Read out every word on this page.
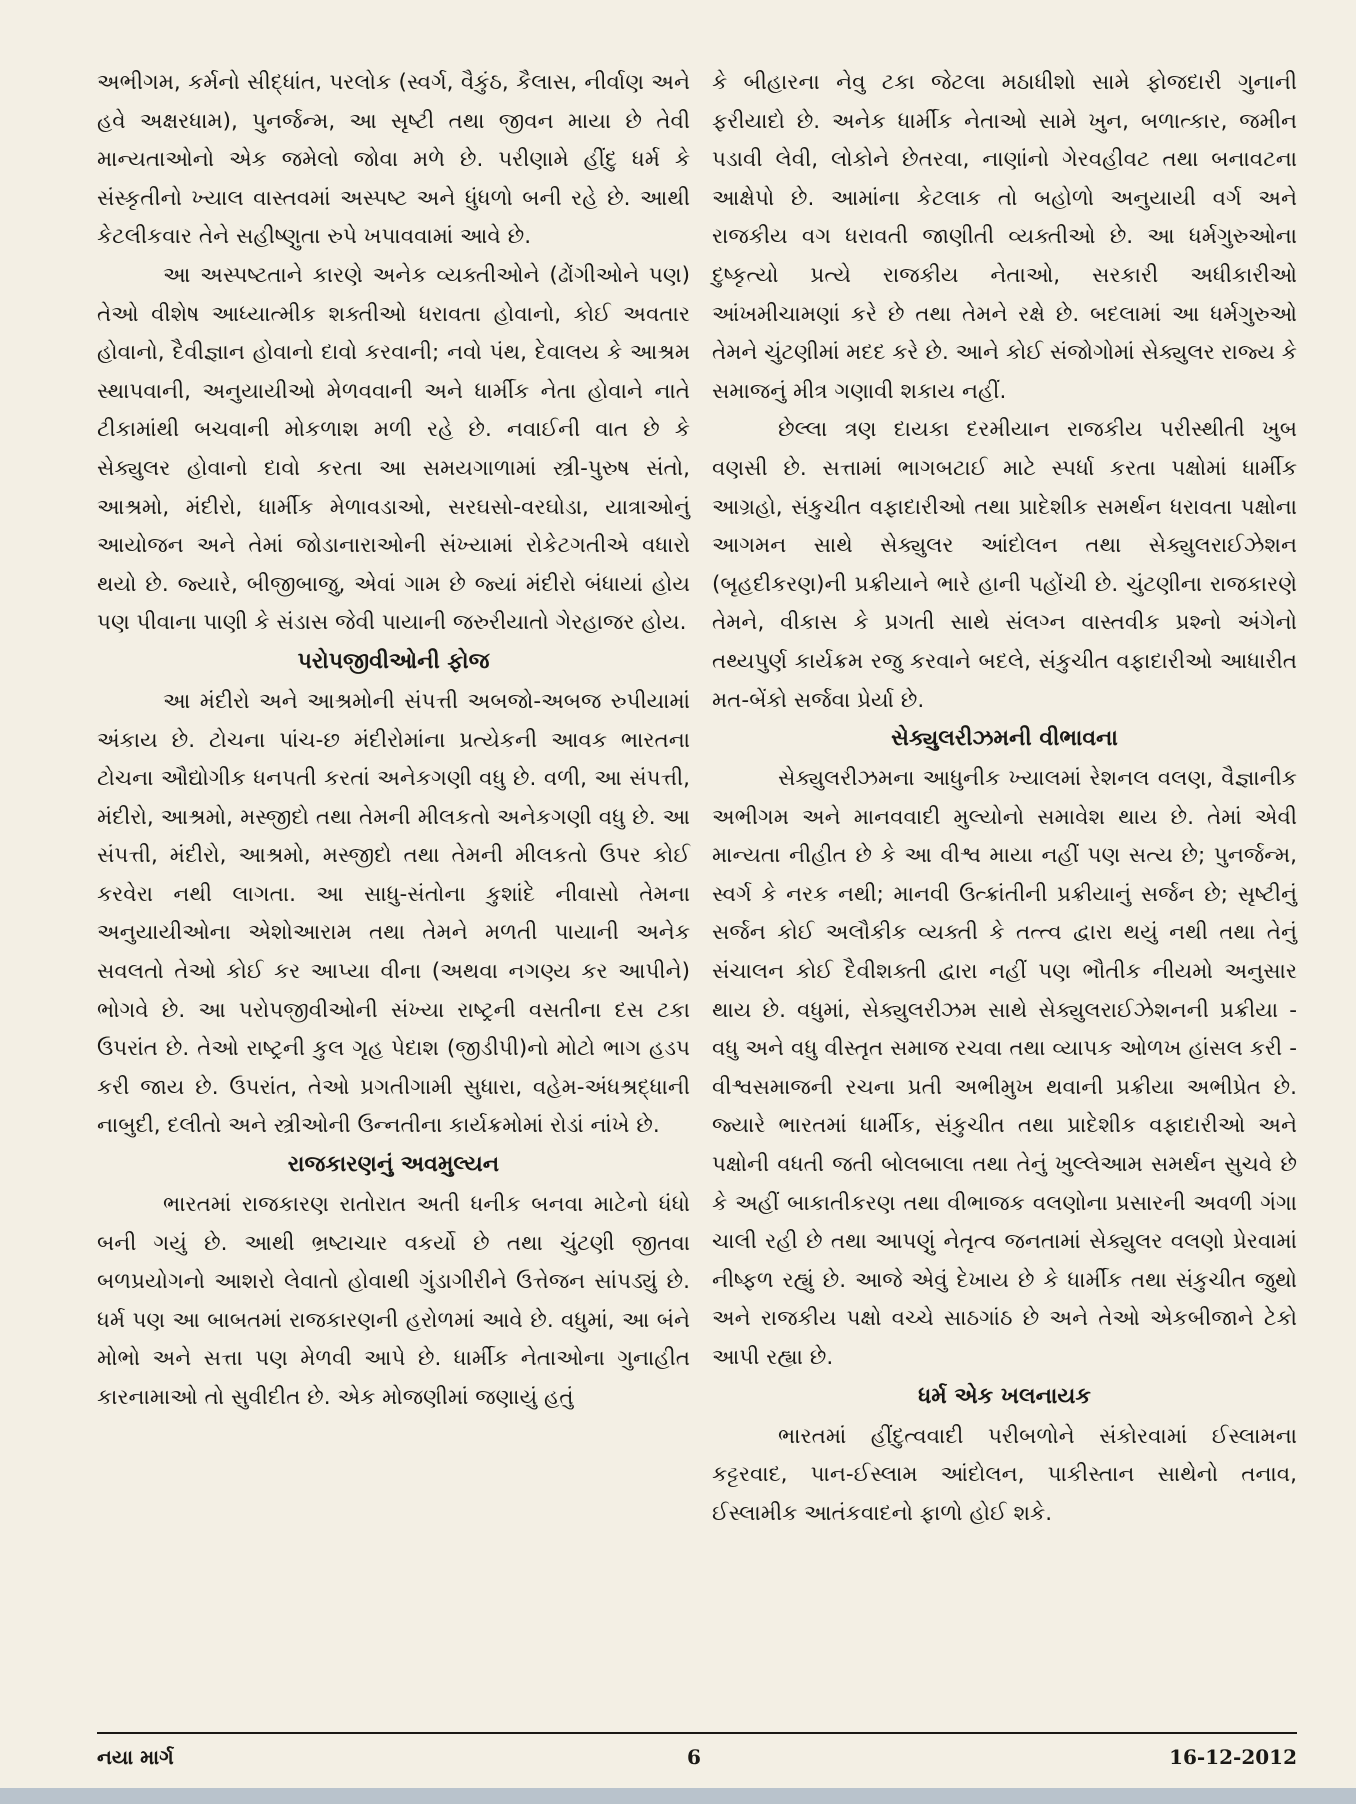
અભીગમ, કર્મનો સીદ્ધાંત, પરલોક (સ્વર્ગ, વૈકુંઠ, કૈલાસ, નીર્વાણ અને હવે અક્ષરધામ), પુનર્જન્મ, આ સૃષ્ટી તથા જીવન માયા છે તેવી માન્યતાઓનો એક જમેલો જોવા મળે છે. પરીણામે હીંદુ ધર્મ કે સંસ્કૃતીનો ખ્યાલ વાસ્તવમાં અસ્પષ્ટ અને ધુંધળો બની રહે છે. આથી કેટલીકવાર તેને સહીષ્ણુતા રુપે ખપાવવામાં આવે છે.

આ અસ્પષ્ટતાને કારણે અનેક વ્યક્તીઓને (ઢોંગીઓને પણ) તેઓ વીશેષ આધ્યાત્મીક શક્તીઓ ધરાવતા હોવાનો, કોઈ અવતાર હોવાનો, દૈવીજ્ઞાન હોવાનો દાવો કરવાની; નવો પંથ, દેવાલય કે આશ્રમ સ્થાપવાની, અનુયાયીઓ મેળવવાની અને ધાર્મીક નેતા હોવાને નાતે ટીકામાંથી બચવાની મોકળાશ મળી રહે છે. નવાઈની વાત છે કે સેક્યુલર હોવાનો દાવો કરતા આ સમયગાળામાં સ્ત્રી-પુરુષ સંતો, આશ્રમો, મંદીરો, ધાર્મીક મેળાવડાઓ, સરઘસો-વરઘોડા, યાત્રાઓનું આયોજન અને તેમાં જોડાનારાઓની સંખ્યામાં રોકેટગતીએ વધારો થયો છે. જ્યારે, બીજીબાજુ, એવાં ગામ છે જ્યાં મંદીરો બંધાયાં હોય પણ પીવાના પાણી કે સંડાસ જેવી પાયાની જરુરીયાતો ગેરહાજર હોય.

પરોપજીવીઓની ફોજ

આ મંદીરો અને આશ્રમોની સંપત્તી અબજો-અબજ રુપીયામાં અંકાય છે. ટોચના પાંચ-છ મંદીરોમાંના પ્રત્યેકની આવક ભારતના ટોચના ઔદ્યોગીક ધનપતી કરતાં અનેકગણી વધુ છે. વળી, આ સંપત્તી, મંદીરો, આશ્રમો, મસ્જીદો તથા તેમની મીલકતો અનેકગણી વધુ છે. આ સંપત્તી, મંદીરો, આશ્રમો, મસ્જીદો તથા તેમની મીલકતો ઉપર કોઈ કરવેરા નથી લાગતા. આ સાધુ-સંતોના કુશાંદે નીવાસો તેમના અનુયાયીઓના એશોઆરામ તથા તેમને મળતી પાયાની અનેક સવલતો તેઓ કોઈ કર આપ્યા વીના (અથવા નગણ્ય કર આપીને) ભોગવે છે. આ પરોપજીવીઓની સંખ્યા રાષ્ટ્રની વસતીના દસ ટકા ઉપરાંત છે. તેઓ રાષ્ટ્રની કુલ ગૃહ પેદાશ (જીડીપી)નો મોટો ભાગ હડપ કરી જાય છે. ઉપરાંત, તેઓ પ્રગતીગામી સુધારા, વહેમ-અંધશ્રદ્ધાની નાબુદી, દલીતો અને સ્ત્રીઓની ઉન્નતીના કાર્યક્રમોમાં રોડાં નાંખે છે.

રાજકારણનું અવમુલ્યન

ભારતમાં રાજકારણ રાતોરાત અતી ધનીક બનવા માટેનો ધંધો બની ગયું છે. આથી ભ્રષ્ટાચાર વકર્યો છે તથા ચુંટણી જીતવા બળપ્રયોગનો આશરો લેવાતો હોવાથી ગુંડાગીરીને ઉત્તેજન સાંપડ્યું છે. ધર્મ પણ આ બાબતમાં રાજકારણની હરોળમાં આવે છે. વધુમાં, આ બંને મોભો અને સત્તા પણ મેળવી આપે છે. ધાર્મીક નેતાઓના ગુનાહીત કારનામાઓ તો સુવીદીત છે. એક મોજણીમાં જણાયું હતું

કે બીહારના નેવુ ટકા જેટલા મઠાધીશો સામે ફોજદારી ગુનાની ફરીયાદો છે. અનેક ધાર્મીક નેતાઓ સામે ખુન, બળાત્કાર, જમીન પડાવી લેવી, લોકોને છેતરવા, નાણાંનો ગેરવહીવટ તથા બનાવટના આક્ષેપો છે. આમાંના કેટલાક તો બહોળો અનુયાયી વર્ગ અને રાજકીય વગ ધરાવતી જાણીતી વ્યક્તીઓ છે. આ ધર્મગુરુઓના દુષ્કૃત્યો પ્રત્યે રાજકીય નેતાઓ, સરકારી અધીકારીઓ આંખમીચામણાં કરે છે તથા તેમને રક્ષે છે. બદલામાં આ ધર્મગુરુઓ તેમને ચુંટણીમાં મદદ કરે છે. આને કોઈ સંજોગોમાં સેક્યુલર રાજ્ય કે સમાજનું મીત્ર ગણાવી શકાય નહીં.

છેલ્લા ત્રણ દાયકા દરમીયાન રાજકીય પરીસ્થીતી ખુબ વણસી છે. સત્તામાં ભાગબટાઈ માટે સ્પર્ધા કરતા પક્ષોમાં ધાર્મીક આગ્રહો, સંકુચીત વફાદારીઓ તથા પ્રાદેશીક સમર્થન ધરાવતા પક્ષોના આગમન સાથે સેક્યુલર આંદોલન તથા સેક્યુલરાઈઝેશન (બૃહદીકરણ)ની પ્રક્રીયાને ભારે હાની પહોંચી છે. ચુંટણીના રાજકારણે તેમને, વીકાસ કે પ્રગતી સાથે સંલગ્ન વાસ્તવીક પ્રશ્નો અંગેનો તથ્યપુર્ણ કાર્યક્રમ રજુ કરવાને બદલે, સંકુચીત વફાદારીઓ આધારીત મત-બેંકો સર્જવા પ્રેર્યા છે.

સેક્યુલરીઝમની વીભાવના

સેક્યુલરીઝમના આધુનીક ખ્યાલમાં રેશનલ વલણ, વૈજ્ઞાનીક અભીગમ અને માનવવાદી મુલ્યોનો સમાવેશ થાય છે. તેમાં એવી માન્યતા નીહીત છે કે આ વીશ્વ માયા નહીં પણ સત્ય છે; પુનર્જન્મ, સ્વર્ગ કે નરક નથી; માનવી ઉત્ક્રાંતીની પ્રક્રીયાનું સર્જન છે; સૃષ્ટીનું સર્જન કોઈ અલૌકીક વ્યક્તી કે તત્ત્વ દ્વારા થયું નથી તથા તેનું સંચાલન કોઈ દૈવીશક્તી દ્વારા નહીં પણ ભૌતીક નીયમો અનુસાર થાય છે. વધુમાં, સેક્યુલરીઝમ સાથે સેક્યુલરાઈઝેશનની પ્રક્રીયા - વધુ અને વધુ વીસ્તૃત સમાજ રચવા તથા વ્યાપક ઓળખ હાંસલ કરી - વીશ્વસમાજની રચના પ્રતી અભીમુખ થવાની પ્રક્રીયા અભીપ્રેત છે. જ્યારે ભારતમાં ધાર્મીક, સંકુચીત તથા પ્રાદેશીક વફાદારીઓ અને પક્ષોની વધતી જતી બોલબાલા તથા તેનું ખુલ્લેઆમ સમર્થન સુચવે છે કે અહીં બાકાતીકરણ તથા વીભાજક વલણોના પ્રસારની અવળી ગંગા ચાલી રહી છે તથા આપણું નેતૃત્વ જનતામાં સેક્યુલર વલણો પ્રેરવામાં નીષ્ફળ રહ્યું છે. આજે એવું દેખાય છે કે ધાર્મીક તથા સંકુચીત જુથો અને રાજકીય પક્ષો વચ્ચે સાઠગાંઠ છે અને તેઓ એકબીજાને ટેકો આપી રહ્યા છે.

ધર્મ એક ખલનાયક

ભારતમાં હીંદુત્વવાદી પરીબળોને સંકોરવામાં ઈસ્લામના કટ્ટરવાદ, પાન-ઈસ્લામ આંદોલન, પાકીસ્તાન સાથેનો તનાવ, ઈસ્લામીક આતંકવાદનો ફાળો હોઈ શકે.

નયા માર્ગ	6	16-12-2012
